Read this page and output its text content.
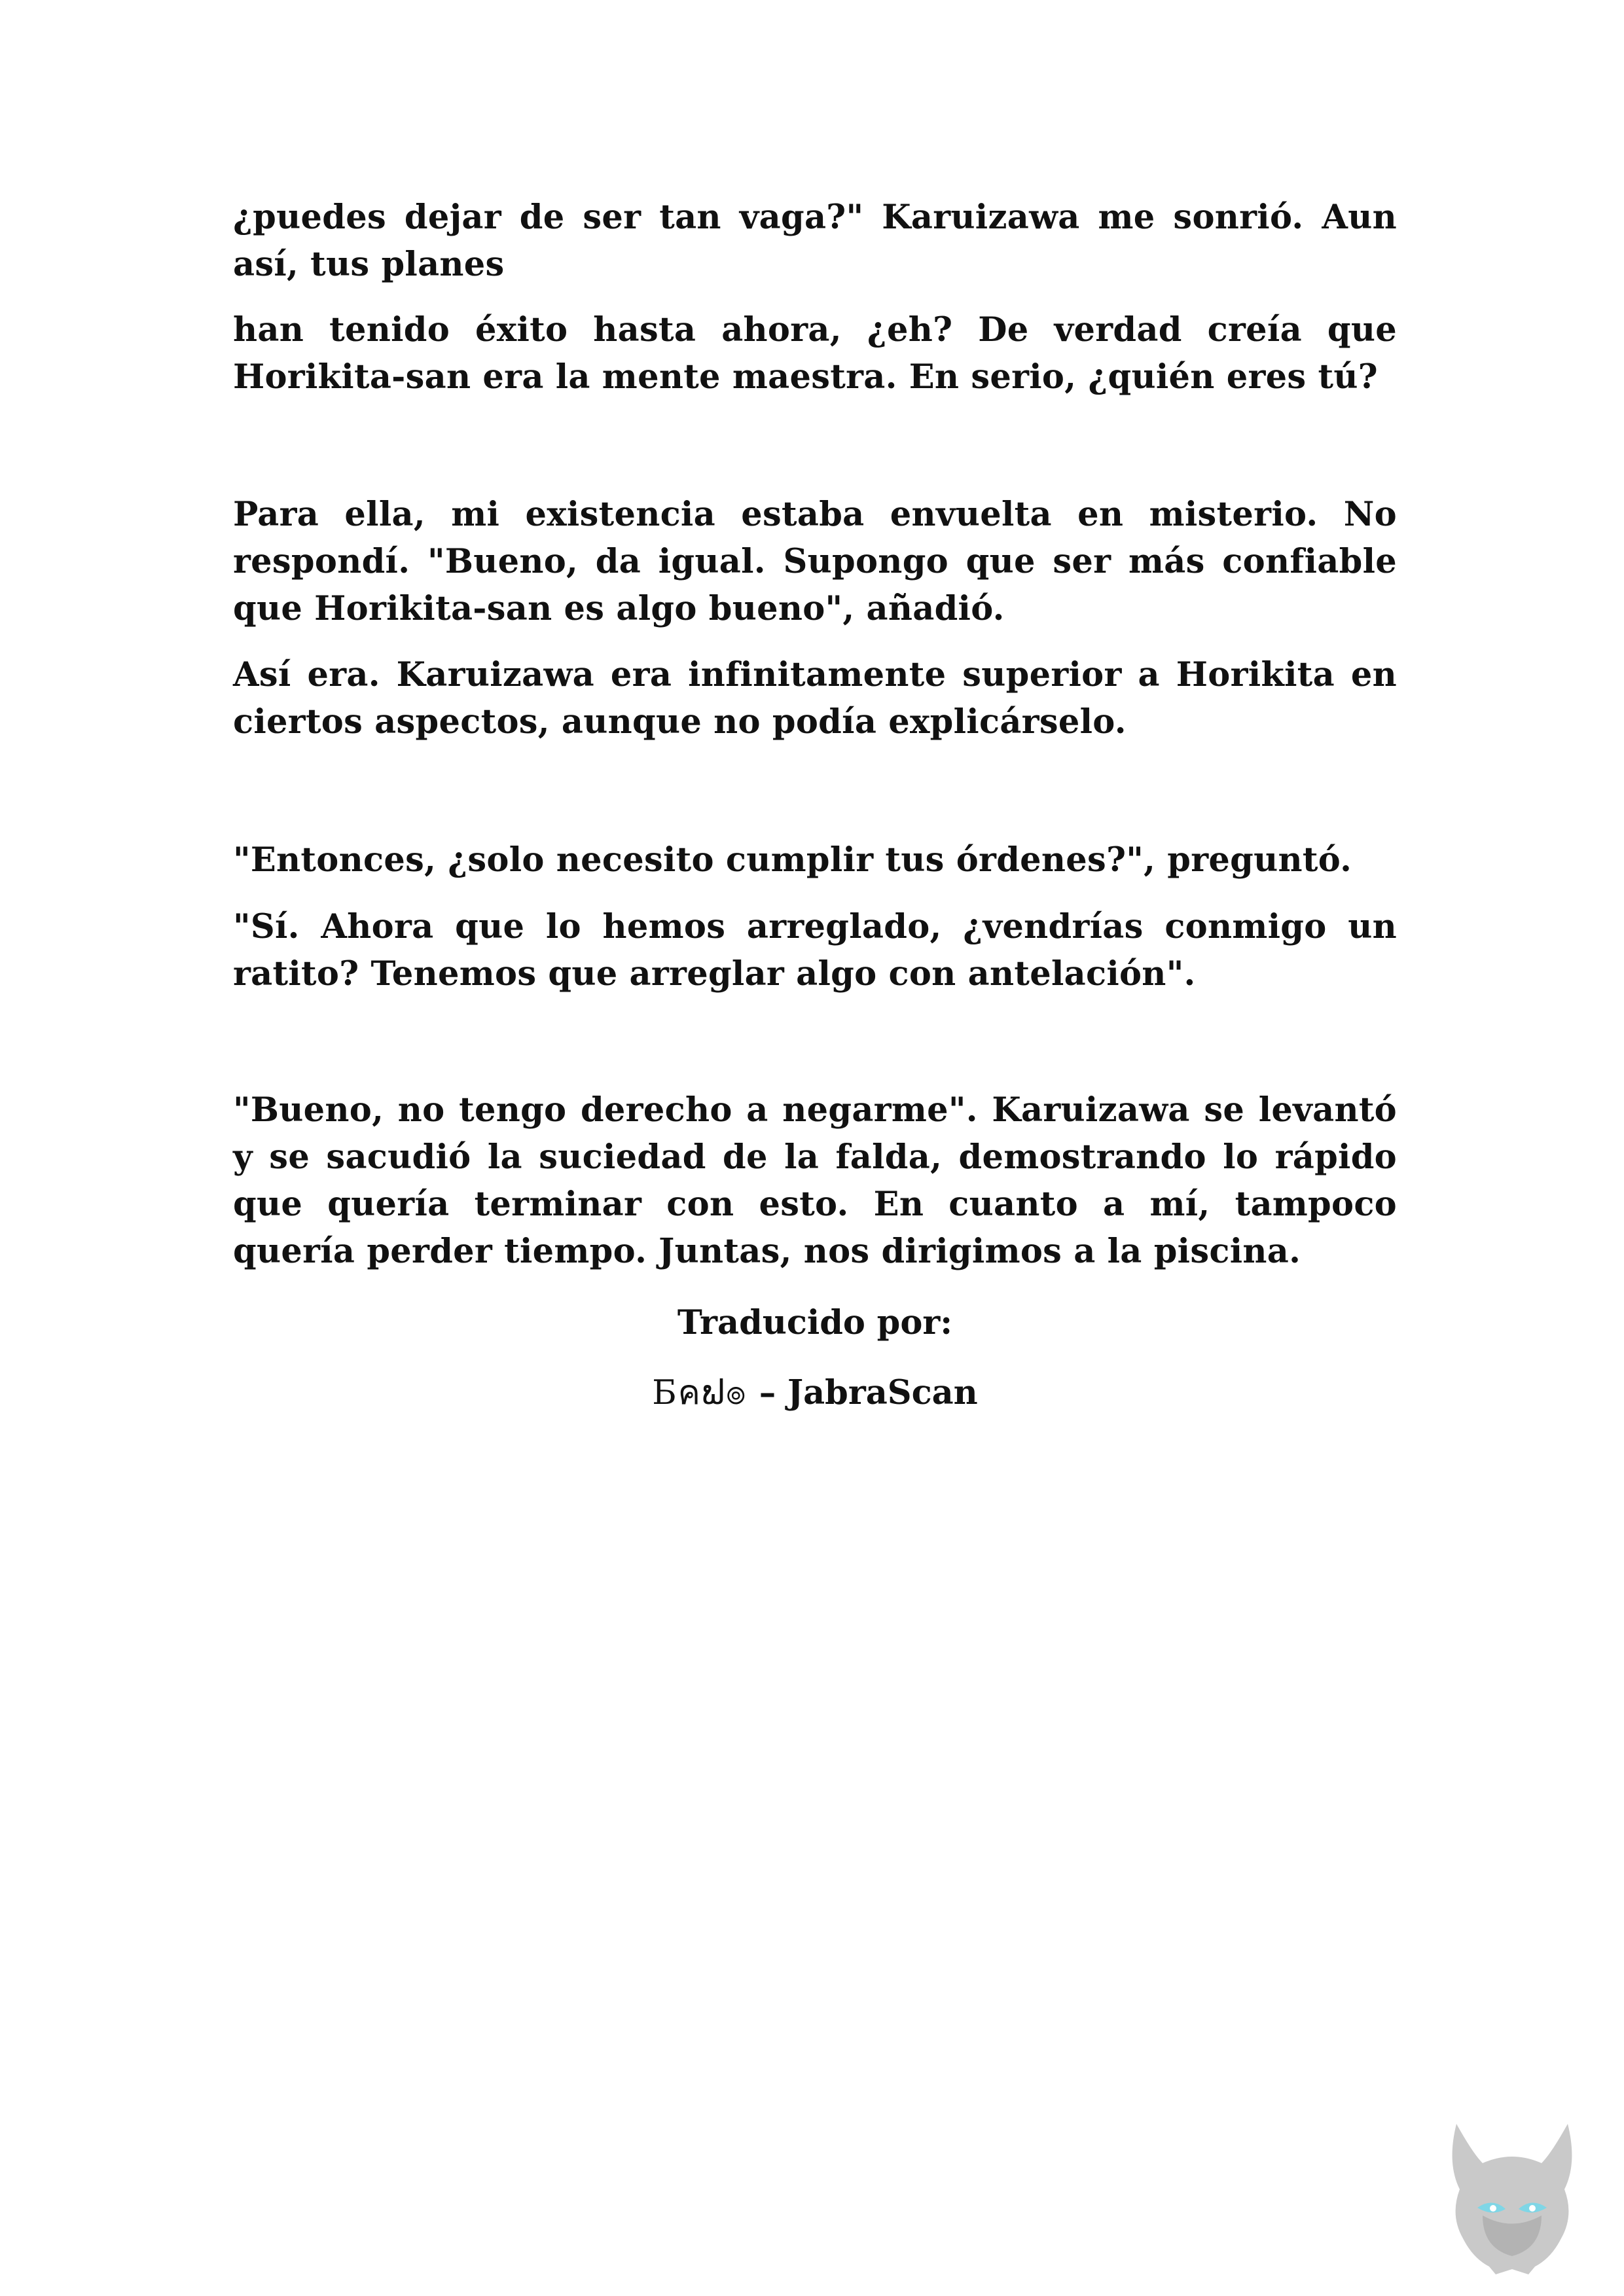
¿puedes dejar de ser tan vaga?" Karuizawa me sonrió. Aun así, tus planes

han tenido éxito hasta ahora, ¿eh? De verdad creía que Horikita-san era la mente maestra. En serio, ¿quién eres tú?

Para ella, mi existencia estaba envuelta en misterio. No respondí. "Bueno, da igual. Supongo que ser más confiable que Horikita-san es algo bueno", añadió.

Así era. Karuizawa era infinitamente superior a Horikita en ciertos aspectos, aunque no podía explicárselo.

"Entonces, ¿solo necesito cumplir tus órdenes?", preguntó.

"Sí. Ahora que lo hemos arreglado, ¿vendrías conmigo un ratito? Tenemos que arreglar algo con antelación".

"Bueno, no tengo derecho a negarme". Karuizawa se levantó y se sacudió la suciedad de la falda, demostrando lo rápido que quería terminar con esto. En cuanto a mí, tampoco quería perder tiempo. Juntas, nos dirigimos a la piscina.

Traducido por:
Ƃคຟ๏ – JabraScan
